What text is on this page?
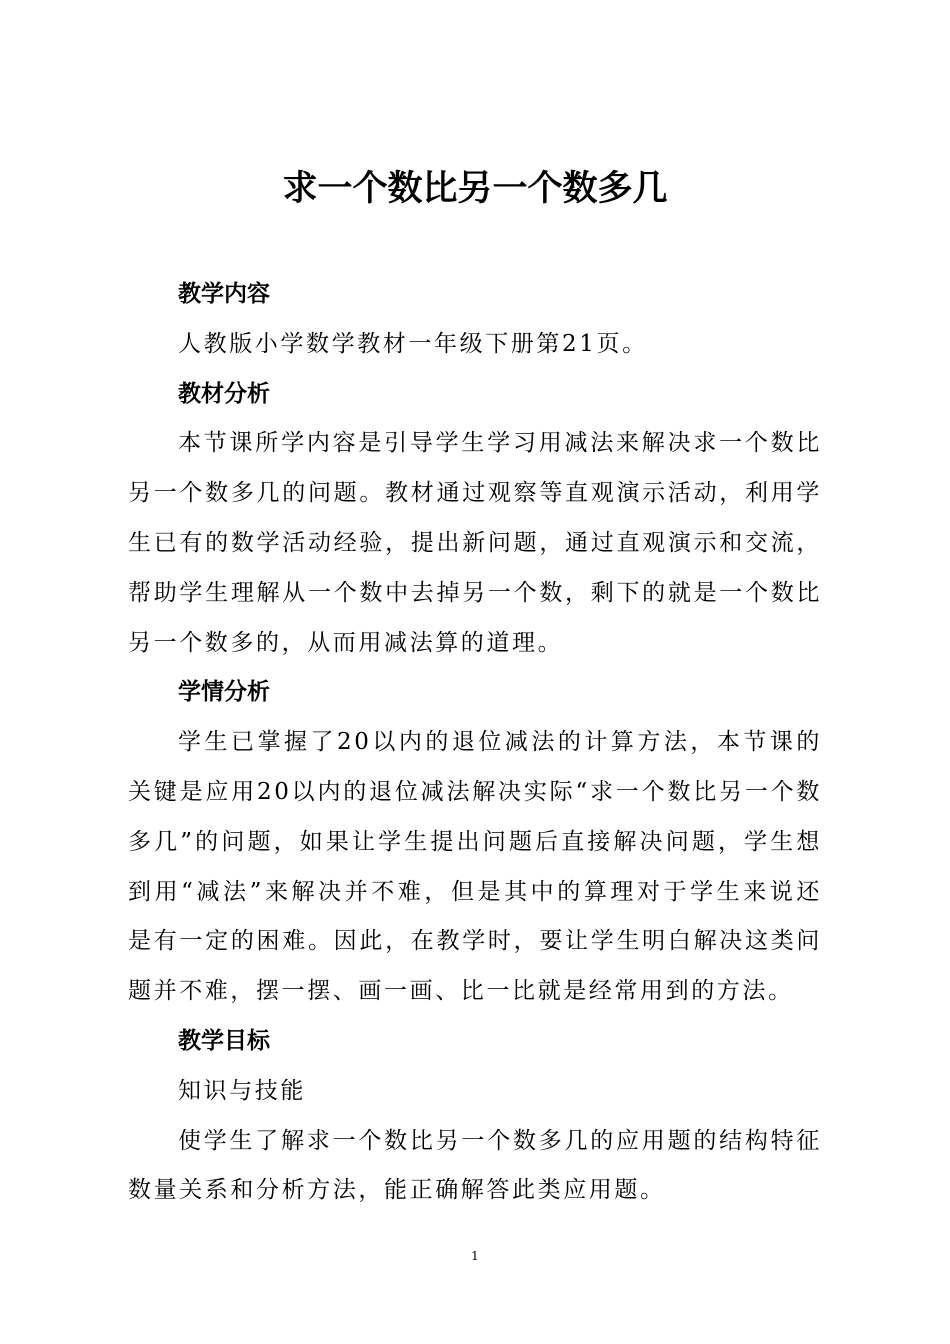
求一个数比另一个数多几

教学内容

人教版小学数学教材一年级下册第21页。

教材分析

本节课所学内容是引导学生学习用减法来解决求一个数比另一个数多几的问题。教材通过观察等直观演示活动，利用学生已有的数学活动经验，提出新问题，通过直观演示和交流，帮助学生理解从一个数中去掉另一个数，剩下的就是一个数比另一个数多的，从而用减法算的道理。

学情分析

学生已掌握了20以内的退位减法的计算方法，本节课的关键是应用20以内的退位减法解决实际“求一个数比另一个数多几”的问题，如果让学生提出问题后直接解决问题，学生想到用“减法”来解决并不难，但是其中的算理对于学生来说还是有一定的困难。因此，在教学时，要让学生明白解决这类问题并不难，摆一摆、画一画、比一比就是经常用到的方法。

教学目标

知识与技能

使学生了解求一个数比另一个数多几的应用题的结构特征数量关系和分析方法，能正确解答此类应用题。

1
